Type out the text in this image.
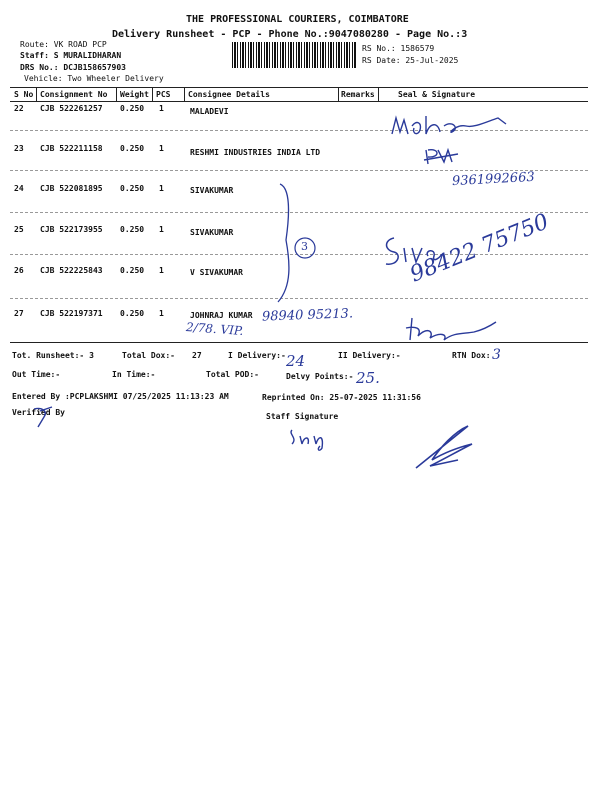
THE PROFESSIONAL COURIERS, COIMBATORE
Delivery Runsheet - PCP - Phone No.:9047080280 - Page No.:3
Route: VK ROAD PCP
Staff: S MURALIDHARAN
DRS No.: DCJB158657903
Vehicle: Two Wheeler Delivery
RS No.: 1586579
RS Date: 25-Jul-2025
S No Consignment No Weight PCS Consignee Details	Remarks	Seal & Signature
22 CJB 522261257 0.250 1	MALADEVI
23 CJB 522211158 0.250 1	RESHMI INDUSTRIES INDIA LTD
24 CJB 522081895 0.250 1	SIVAKUMAR
25 CJB 522173955 0.250 1	SIVAKUMAR
26 CJB 522225843 0.250 1	V SIVAKUMAR
27 CJB 522197371 0.250 1	JOHNRAJ KUMAR
Tot. Runsheet:- 3	Total Dox:- 27	I Delivery:-	II Delivery:-	RTN Dox:
Out Time:-	In Time:-	Total POD:-	Delvy Points:-
Entered By :PCPLAKSHMI 07/25/2025 11:13:23 AM	Reprinted On: 25-07-2025 11:31:56
Verified By	Staff Signature
9361992663
98422 75750
98940 95213.
2/78. VIP.
24	3
25.
3
